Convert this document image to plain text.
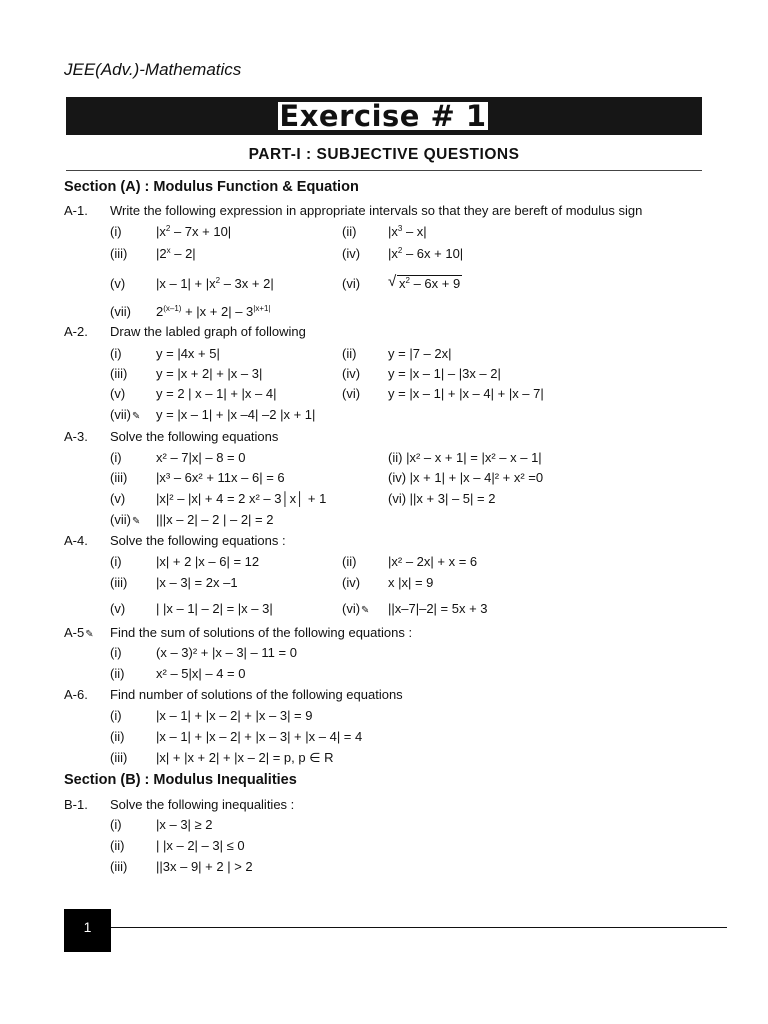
JEE(Adv.)-Mathematics
Exercise # 1
PART-I : SUBJECTIVE QUESTIONS
Section (A) : Modulus Function & Equation
A-1. Write the following expression in appropriate intervals so that they are bereft of modulus sign
(i)	$|x^2 - 7x + 10|$	(ii) $|x^3 - x|$
(iii) |2$^x$ – 2|	(iv) $|x^2 - 6x + 10|$
(v) $|x - 1| + |x^2 - 3x + 2|$	(vi) √ $x^2 - 6x + 9$
(vii) $2^{(x-1)} + |x + 2| - 3^{|x+1|}$
A-2. Draw the labled graph of following
(i)	y = |4x + 5|	(ii) y = |7 – 2x|
(iii) y = |x + 2| + |x – 3|	(iv) y = |x – 1| – |3x – 2|
(v) y = 2 | x – 1| + |x – 4|	(vi) y = |x – 1| + |x – 4| + |x – 7|
(vii)✎ y = |x – 1| + |x –4| –2 |x + 1|
A-3. Solve the following equations
(i)	x² – 7|x| – 8 = 0	(ii) |x² – x + 1| = |x² – x – 1|
(iii) |x³ – 6x² + 11x – 6| = 6	(iv) |x + 1| + |x – 4|² + x² =0
(v) |x|² – |x| + 4 = 2 x² – 3│x│ + 1	(vi) ||x + 3| – 5| = 2
(vii)✎ |||x – 2| – 2 | – 2| = 2
A-4. Solve the following equations :
(i)	|x| + 2 |x – 6| = 12	(ii) |x² – 2x| + x = 6
(iii) |x – 3| = 2x –1	(iv) x |x| = 9
(v) | |x – 1| – 2| = |x – 3|	(vi)✎ ||x–7|–2| = 5x + 3
A-5✎ Find the sum of solutions of the following equations :
(i)	(x – 3)² + |x – 3| – 11 = 0
(ii) x² – 5|x| – 4 = 0
A-6. Find number of solutions of the following equations
(i)	|x – 1| + |x – 2| + |x – 3| = 9
(ii) |x – 1| + |x – 2| + |x – 3| + |x – 4| = 4
(iii) |x| + |x + 2| + |x – 2| = p, p ∈ R
Section (B) : Modulus Inequalities
B-1. Solve the following inequalities :
(i)	|x – 3| ≥ 2
(ii) | |x – 2| – 3| ≤ 0
(iii) ||3x – 9| + 2 | > 2
1
